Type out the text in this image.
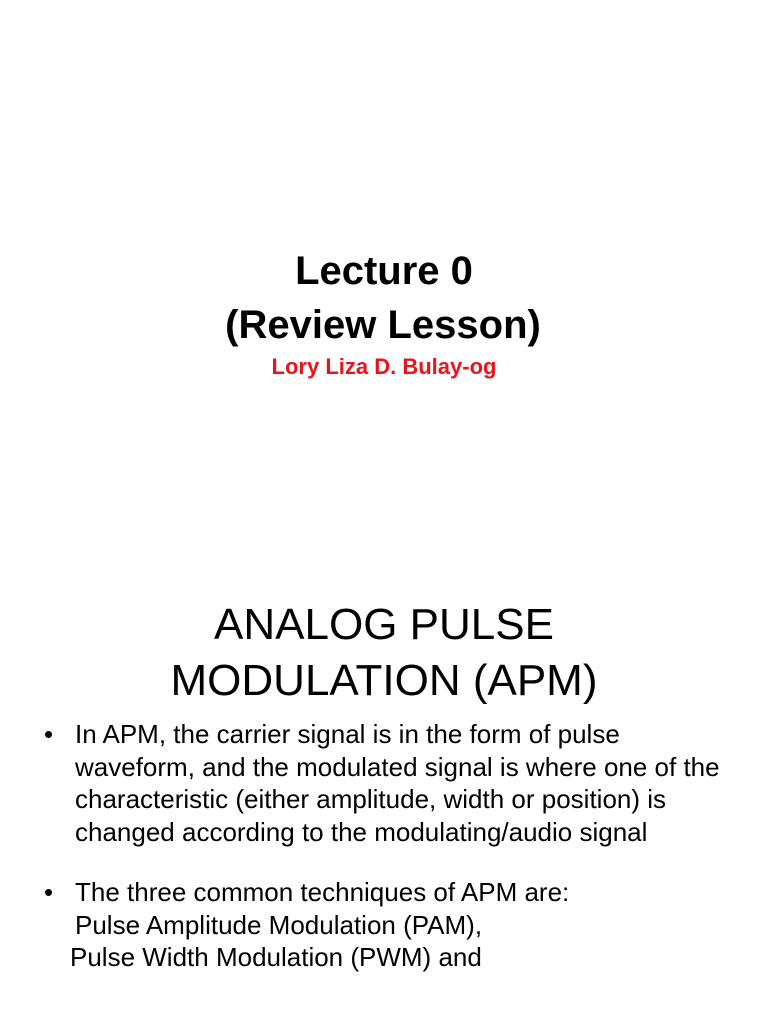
Lecture 0
(Review Lesson)
Lory Liza D. Bulay-og
ANALOG PULSE
MODULATION (APM)
• In APM, the carrier signal is in the form of pulse waveform, and the modulated signal is where one of the characteristic (either amplitude, width or position) is changed according to the modulating/audio signal
• The three common techniques of APM are:
Pulse Amplitude Modulation (PAM),
Pulse Width Modulation (PWM) and
